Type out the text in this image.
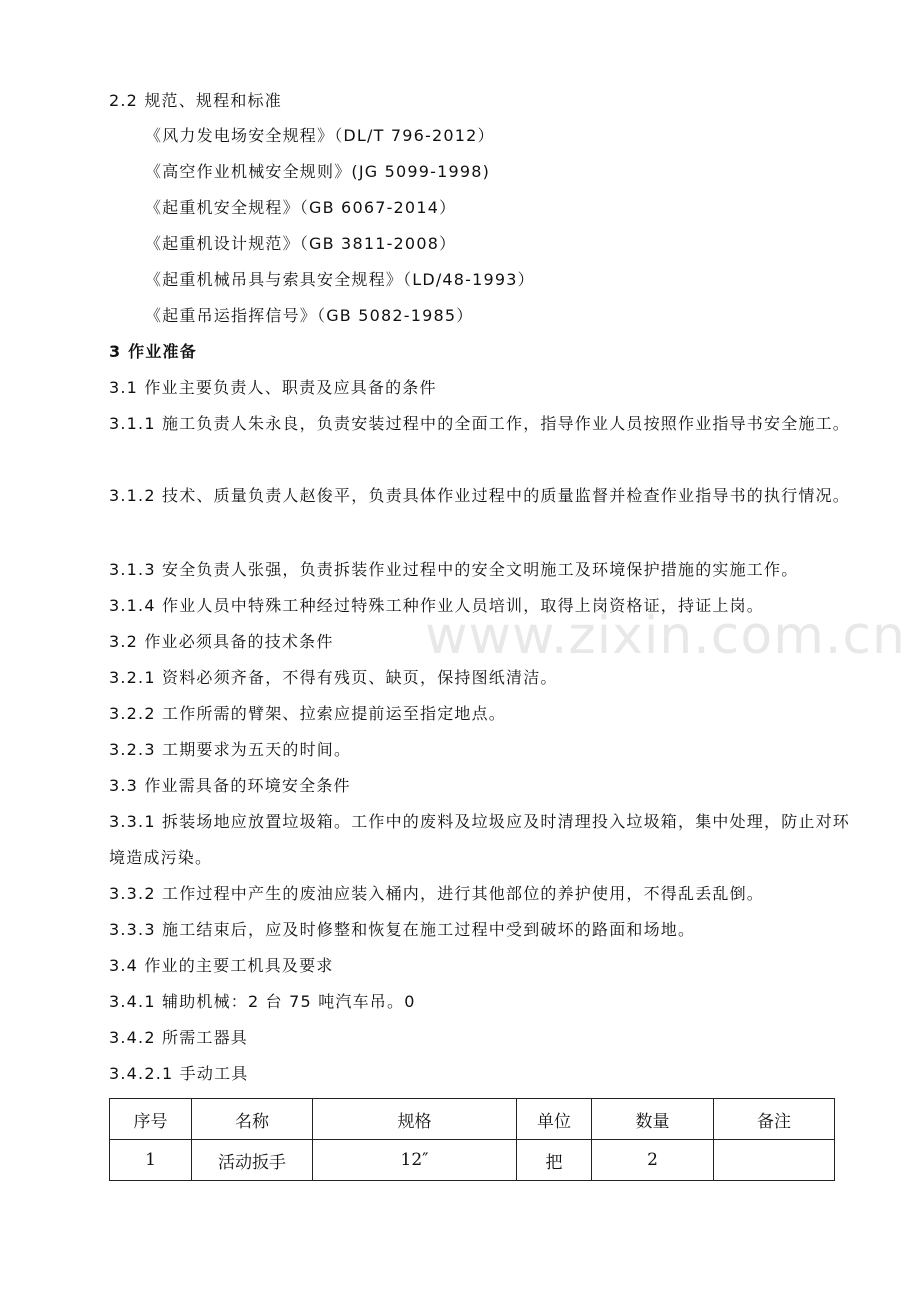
2.2 规范、规程和标准
《风力发电场安全规程》（DL/T 796-2012）
《高空作业机械安全规则》(JG 5099-1998)
《起重机安全规程》（GB 6067-2014）
《起重机设计规范》（GB 3811-2008）
《起重机械吊具与索具安全规程》（LD/48-1993）
《起重吊运指挥信号》（GB 5082-1985）
3 作业准备
3.1 作业主要负责人、职责及应具备的条件
3.1.1 施工负责人朱永良，负责安装过程中的全面工作，指导作业人员按照作业指导书安全施工。
3.1.2 技术、质量负责人赵俊平，负责具体作业过程中的质量监督并检查作业指导书的执行情况。
3.1.3 安全负责人张强，负责拆装作业过程中的安全文明施工及环境保护措施的实施工作。
3.1.4 作业人员中特殊工种经过特殊工种作业人员培训，取得上岗资格证，持证上岗。
3.2 作业必须具备的技术条件
3.2.1 资料必须齐备，不得有残页、缺页，保持图纸清洁。
3.2.2 工作所需的臂架、拉索应提前运至指定地点。
3.2.3 工期要求为五天的时间。
3.3 作业需具备的环境安全条件
3.3.1 拆装场地应放置垃圾箱。工作中的废料及垃圾应及时清理投入垃圾箱，集中处理，防止对环境造成污染。
3.3.2 工作过程中产生的废油应装入桶内，进行其他部位的养护使用，不得乱丢乱倒。
3.3.3 施工结束后，应及时修整和恢复在施工过程中受到破坏的路面和场地。
3.4 作业的主要工机具及要求
3.4.1 辅助机械：2 台 75 吨汽车吊。0
3.4.2 所需工器具
3.4.2.1 手动工具
www.zixin.com.cn
序号	名称	规格	单位	数量	备注
1	活动扳手	12″	把	2	
